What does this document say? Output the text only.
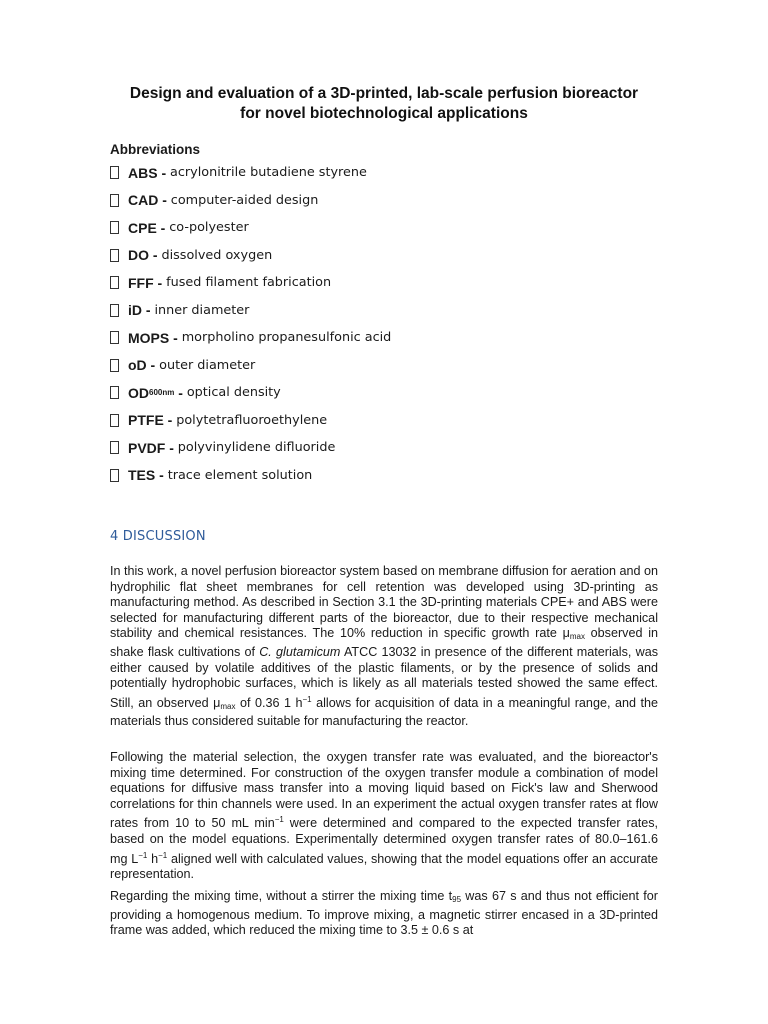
Design and evaluation of a 3D-printed, lab-scale perfusion bioreactor
for novel biotechnological applications
Abbreviations
ABS - acrylonitrile butadiene styrene
CAD - computer-aided design
CPE - co-polyester
DO - dissolved oxygen
FFF - fused filament fabrication
iD - inner diameter
MOPS - morpholino propanesulfonic acid
oD - outer diameter
OD 600nm - optical density
PTFE - polytetrafluoroethylene
PVDF - polyvinylidene difluoride
TES - trace element solution
4 DISCUSSION

In this work, a novel perfusion bioreactor system based on membrane diffusion for aeration and on hydrophilic flat sheet membranes for cell retention was developed using 3D-printing as manufacturing method. As described in Section 3.1 the 3D-printing materials CPE+ and ABS were selected for manufacturing different parts of the bioreactor, due to their respective mechanical stability and chemical resistances. The 10% reduction in specific growth rate $\mu_{max}$ observed in shake flask cultivations of C. glutamicum ATCC 13032 in presence of the different materials, was either caused by volatile additives of the plastic filaments, or by the presence of solids and potentially hydrophobic surfaces, which is likely as all materials tested showed the same effect. Still, an observed $\mu_{max}$ of 0.36 1 $h^{-1}$ allows for acquisition of data in a meaningful range, and the materials thus considered suitable for manufacturing the reactor.

Following the material selection, the oxygen transfer rate was evaluated, and the bioreactor's mixing time determined. For construction of the oxygen transfer module a combination of model equations for diffusive mass transfer into a moving liquid based on Fick's law and Sherwood correlations for thin channels were used. In an experiment the actual oxygen transfer rates at flow rates from 10 to 50 mL $\min^{-1}$ were determined and compared to the expected transfer rates, based on the model equations. Experimentally determined oxygen transfer rates of 80.0–161.6 mg $L^{-1}$ $h^{-1}$ aligned well with calculated values, showing that the model equations offer an accurate representation.

Regarding the mixing time, without a stirrer the mixing time $t_{95}$ was 67 s and thus not efficient for providing a homogenous medium. To improve mixing, a magnetic stirrer encased in a 3D-printed frame was added, which reduced the mixing time to 3.5 ± 0.6 s at
